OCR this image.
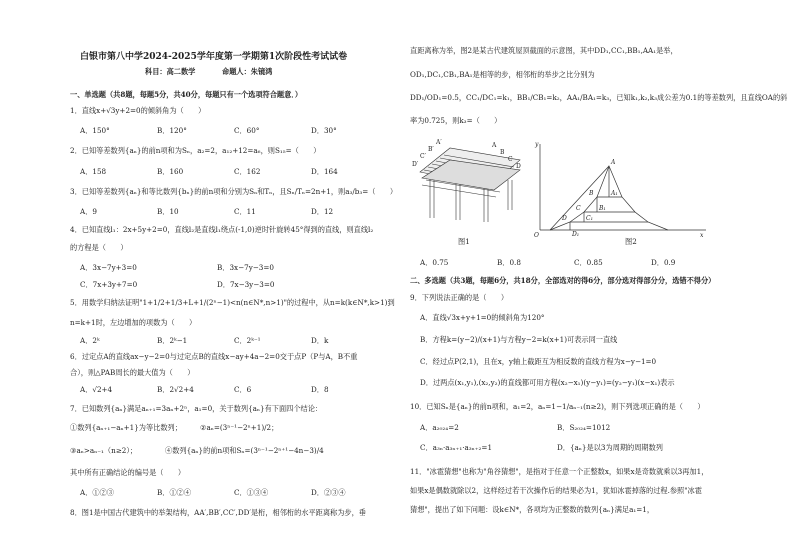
白银市第八中学2024-2025学年度第一学期第1次阶段性考试试卷
科目：高二数学	命题人：朱镜鸿
一、单选题（共8题，每题5分，共40分，每题只有一个选项符合题意．）
1．直线x+√3y+2=0的倾斜角为（　　）
A．150°	B．120°	C．60°	D．30°
2．已知等差数列{aₙ}的前n项和为Sₙ，a₂=2，a₁₂+12=a₆，则S₁₅=（　　）
A．158	B．160	C．162	D．164
3．已知等差数列{aₙ}和等比数列{bₙ}的前n项和分别为Sₙ和Tₙ，且Sₙ/Tₙ=2n+1，则a₃/b₃=（　　）
A．9	B．10	C．11	D．12
4．已知直线l₁：2x+5y+2=0，直线l₂是直线l₁绕点(-1,0)逆时针旋转45°得到的直线，则直线l₂
的方程是（　　）
A．3x−7y+3=0	B．3x−7y−3=0
C．7x+3y+7=0	D．7x−3y−3=0
5．用数学归纳法证明"1+1/2+1/3+L+1/(2ⁿ−1)<n(n∈N*,n>1)"的过程中，从n=k(k∈N*,k>1)到
n=k+1时，左边增加的项数为（　　）
A．2ᵏ	B．2ᵏ−1	C．2ᵏ⁻¹	D．k
6．过定点A的直线ax−y−2=0与过定点B的直线x−ay+4a−2=0交于点P（P与A，B不重
合），则△PAB周长的最大值为（　　）
A．√2+4	B．2√2+4	C．6	D．8
7．已知数列{aₙ}满足aₙ₊₁=3aₙ+2ⁿ，a₁=0，关于数列{aₙ}有下面四个结论：
①数列{aₙ₊₁−aₙ+1}为等比数列；	②aₙ=(3ⁿ⁻¹−2ⁿ+1)/2；
③aₙ>aₙ₋₁（n≥2）；	④数列{aₙ}的前n项和Sₙ=(3ⁿ⁻¹−2ⁿ⁺¹−4n−3)/4
其中所有正确结论的编号是（　　）
A．①②③	B．①②④	C．①③④	D．②③④
8．图1是中国古代建筑中的举架结构，AA′,BB′,CC′,DD′是桁，相邻桁的水平距离称为步，垂
直距离称为举，图2是某古代建筑屋顶截面的示意图，其中DD₁,CC₁,BB₁,AA₁是举，
OD₁,DC₁,CB₁,BA₁是相等的步，相邻桁的举步之比分别为
DD₁/OD₁=0.5，CC₁/DC₁=k₁，BB₁/CB₁=k₂，AA₁/BA₁=k₃，已知k₁,k₂,k₃成公差为0.1的等差数列，且直线OA的斜
率为0.725，则k₃=（　　）
A′
B′
C′
D′
A
B
C
D
图1
y
A
A₁
B
B₁
C
C₁
D
D₁
O	x
图2
A．0.75	B．0.8	C．0.85	D．0.9
二、多选题（共3题，每题6分，共18分，全部选对的得6分，部分选对得部分分，选错不得分）
9．下列说法正确的是（　　）
A．直线√3x+y+1=0的倾斜角为120°
B．方程k=(y−2)/(x+1)与方程y−2=k(x+1)可表示同一直线
C．经过点P(2,1)，且在x，y轴上截距互为相反数的直线方程为x−y−1=0
D．过两点(x₁,y₁),(x₂,y₂)的直线都可用方程(x₂−x₁)(y−y₁)=(y₂−y₁)(x−x₁)表示
10．已知Sₙ是{aₙ}的前n项和，a₁=2，aₙ=1−1/aₙ₋₁(n≥2)，则下列选项正确的是（　　）
A．a₂₀₂₄=2	B．S₂₀₂₄=1012
C．a₃ₙ·a₃ₙ₊₁·a₃ₙ₊₂=1	D．{aₙ}是以3为周期的周期数列
11．"冰雹猜想"也称为"角谷猜想"，是指对于任意一个正整数x，如果x是奇数就乘以3再加1，
如果x是偶数就除以2，这样经过若干次操作后的结果必为1，犹如冰雹掉落的过程.参照"冰雹
猜想"，提出了如下问题：设k∈N*，各项均为正整数的数列{aₙ}满足a₁=1，
